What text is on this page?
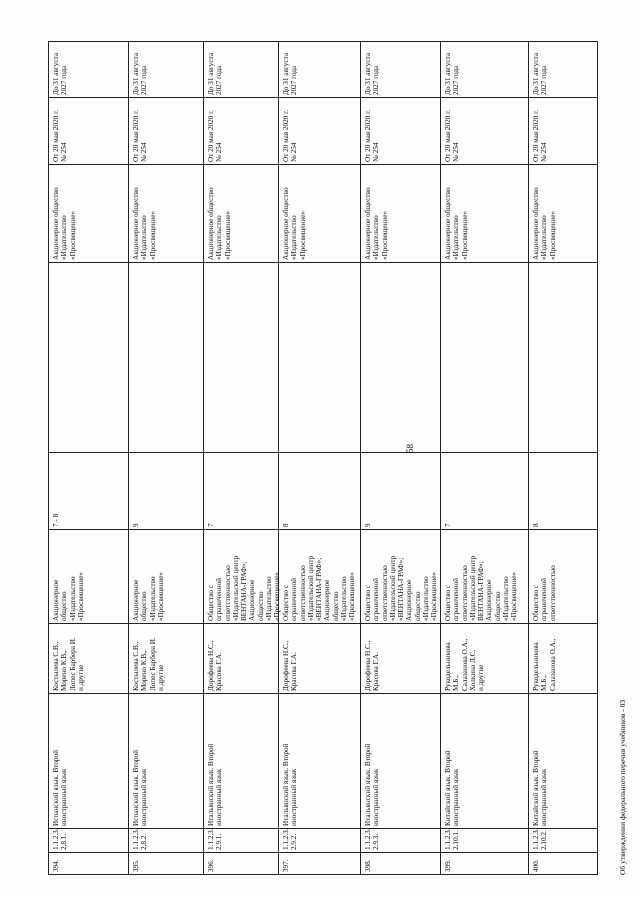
58
394.
1.1.2.3.
2.8.1.
Испанский язык. Второй
иностранный язык
Костылева С.В.,
Морено К.В.,
Лопес Барбера И.
и другие
Акционерное
общество
«Издательство
«Просвещение»
7 - 8
Акционерное общество
«Издательство
«Просвещение»
От 20 мая 2020 г.
№ 254
До 31 августа
2027 года
395.
1.1.2.3.
2.8.2.
Испанский язык. Второй
иностранный язык
Костылева С.В.,
Морено К.В.,
Лопес Барбера И.
и другие
Акционерное
общество
«Издательство
«Просвещение»
9
Акционерное общество
«Издательство
«Просвещение»
От 20 мая 2020 г.
№ 254
До 31 августа
2027 года
396.
1.1.2.3.
2.9.1.
Итальянский язык. Второй
иностранный язык
Дорофеева Н.С.,
Красова Г.А.
Общество с
ограниченной
ответственностью
«Издательский центр
ВЕНТАНА-ГРАФ»;
Акционерное
общество
«Издательство
«Просвещение»
7
Акционерное общество
«Издательство
«Просвещение»
От 20 мая 2020 г.
№ 254
До 31 августа
2027 года
397.
1.1.2.3.
2.9.2.
Итальянский язык. Второй
иностранный язык
Дорофеева Н.С.,
Красова Г.А.
Общество с
ограниченной
ответственностью
«Издательский центр
«ВЕНТАНА-ГРАФ»;
Акционерное
общество
«Издательство
«Просвещение»
8
Акционерное общество
«Издательство
«Просвещение»
От 20 мая 2020 г.
№ 254
До 31 августа
2027 года
398.
1.1.2.3.
2.9.3.
Итальянский язык. Второй
иностранный язык
Дорофеева Н.С.,
Красова Г.А.
Общество с
ограниченной
ответственностью
«Издательский центр
«ВЕНТАНА-ГРАФ»;
Акционерное
общество
«Издательство
«Просвещение»
9
Акционерное общество
«Издательство
«Просвещение»
От 20 мая 2020 г.
№ 254
До 31 августа
2027 года
399.
1.1.2.3.
2.10.1.
Китайский язык. Второй
иностранный язык
Рукодельникова
М.Б.,
Салазанова О.А.,
Холкина Л.С.
и другие
Общество с
ограниченной
ответственностью
«Издательский центр
ВЕНТАНА-ГРАФ»;
Акционерное
общество
«Издательство
«Просвещение»
7
Акционерное общество
«Издательство
«Просвещение»
От 20 мая 2020 г.
№ 254
До 31 августа
2027 года
400.
1.1.2.3.
2.10.2.
Китайский язык. Второй
иностранный язык
Рукодельникова
М.Б.,
Салазанова О.А.,
Общество с
ограниченной
ответственностью
8
Акционерное общество
«Издательство
«Просвещение»
От 20 мая 2020 г.
№ 254
До 31 августа
2027 года
Об утверждении федерального перечня учебников - 03
